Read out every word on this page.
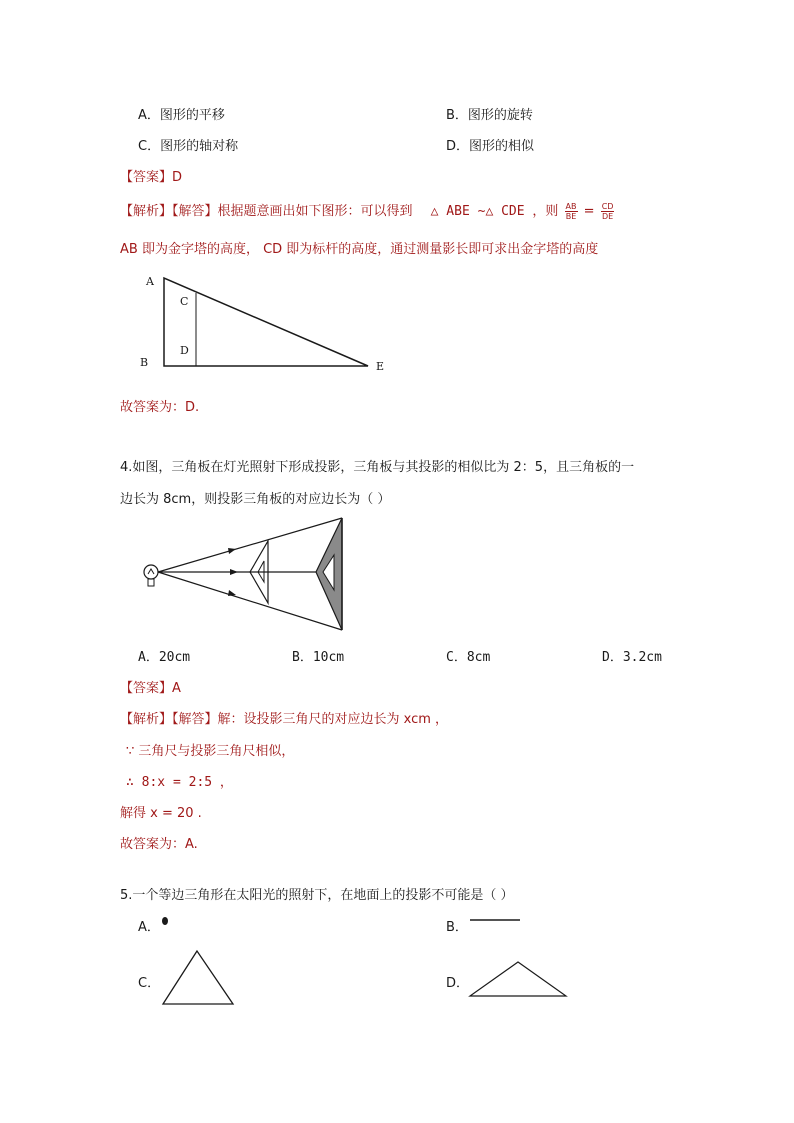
A．图形的平移	B．图形的旋转
C．图形的轴对称	D．图形的相似
【答案】D
【解析】【解答】根据题意画出如下图形：可以得到 △ ABE ~△ CDE ，则 $\frac{AB}{BE} = \frac{CD}{DE}$
AB 即为金字塔的高度， CD 即为标杆的高度，通过测量影长即可求出金字塔的高度
A
B
C
D
E
故答案为：D.
4.如图，三角板在灯光照射下形成投影，三角板与其投影的相似比为 2：5，且三角板的一
边长为 8cm，则投影三角板的对应边长为（ ）
A．20cm	B．10cm	C．8cm	D．3.2cm
【答案】A
【解析】【解答】解：设投影三角尺的对应边长为 xcm ，
∵ 三角尺与投影三角尺相似，
∴ 8:x = 2:5 ，
解得 x = 20 .
故答案为：A.
5.一个等边三角形在太阳光的照射下，在地面上的投影不可能是（ ）
A．	B．
C．	D．
